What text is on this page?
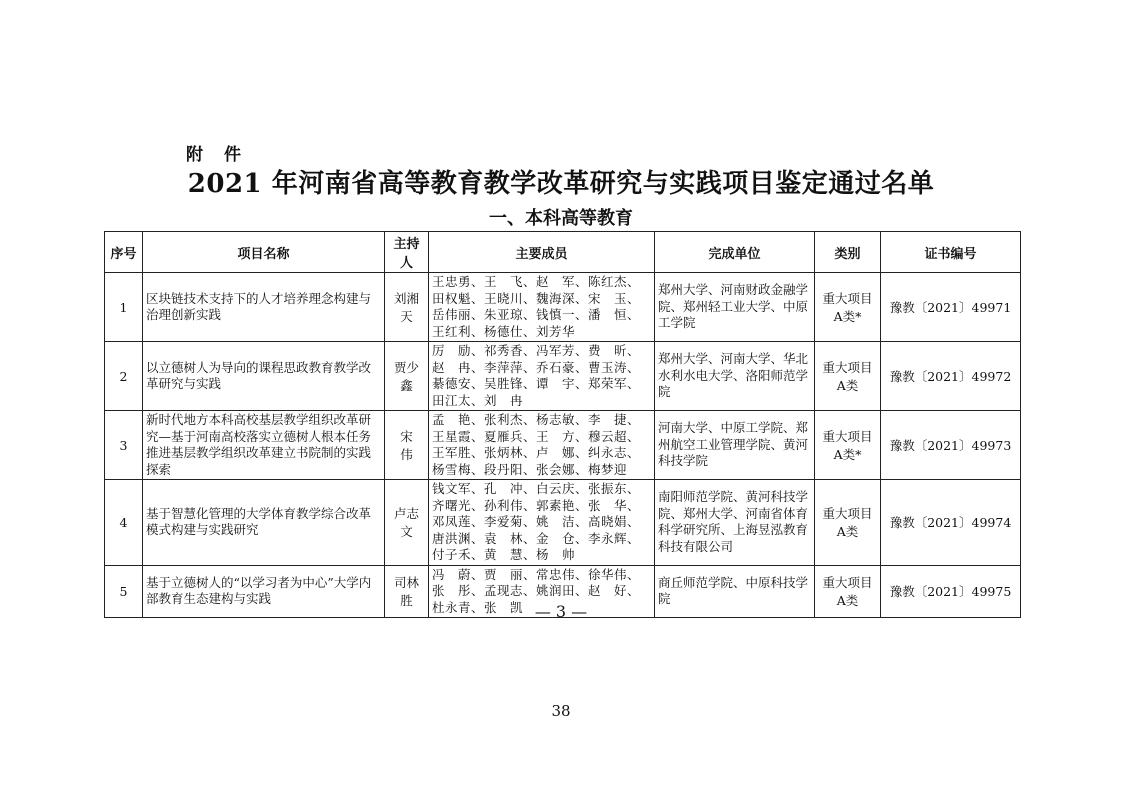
附　件
2021 年河南省高等教育教学改革研究与实践项目鉴定通过名单
一、本科高等教育
序号	项目名称	主持人	主要成员	完成单位	类别	证书编号
1	区块链技术支持下的人才培养理念构建与治理创新实践	刘湘天	王忠勇、王　飞、赵　军、陈红杰、田权魁、王晓川、魏海深、宋　玉、岳伟丽、朱亚琼、钱慎一、潘　恒、王红利、杨德仕、刘芳华	郑州大学、河南财政金融学院、郑州轻工业大学、中原工学院	重大项目A类*	豫教〔2021〕49971
2	以立德树人为导向的课程思政教育教学改革研究与实践	贾少鑫	厉　励、祁秀香、冯军芳、费　昕、赵　冉、李萍萍、乔石豪、曹玉涛、綦德安、吴胜锋、谭　宇、郑荣军、田江太、刘　冉	郑州大学、河南大学、华北水利水电大学、洛阳师范学院	重大项目A类	豫教〔2021〕49972
3	新时代地方本科高校基层教学组织改革研究—基于河南高校落实立德树人根本任务推进基层教学组织改革建立书院制的实践探索	宋　伟	孟　艳、张利杰、杨志敏、李　捷、王星霞、夏雁兵、王　方、穆云超、王军胜、张炳林、卢　娜、纠永志、杨雪梅、段丹阳、张会娜、梅梦迎	河南大学、中原工学院、郑州航空工业管理学院、黄河科技学院	重大项目A类*	豫教〔2021〕49973
4	基于智慧化管理的大学体育教学综合改革模式构建与实践研究	卢志文	钱文军、孔　冲、白云庆、张振东、齐曙光、孙利伟、郭素艳、张　华、邓凤莲、李爱菊、姚　洁、高晓娟、唐洪渊、袁　林、金　仓、李永辉、付子禾、黄　慧、杨　帅	南阳师范学院、黄河科技学院、郑州大学、河南省体育科学研究所、上海昱泓教育科技有限公司	重大项目A类	豫教〔2021〕49974
5	基于立德树人的“以学习者为中心”大学内部教育生态建构与实践	司林胜	冯　蔚、贾　丽、常忠伟、徐华伟、张　彤、孟现志、姚润田、赵　好、杜永青、张　凯	商丘师范学院、中原科技学院	重大项目A类	豫教〔2021〕49975
— 3 —
38
